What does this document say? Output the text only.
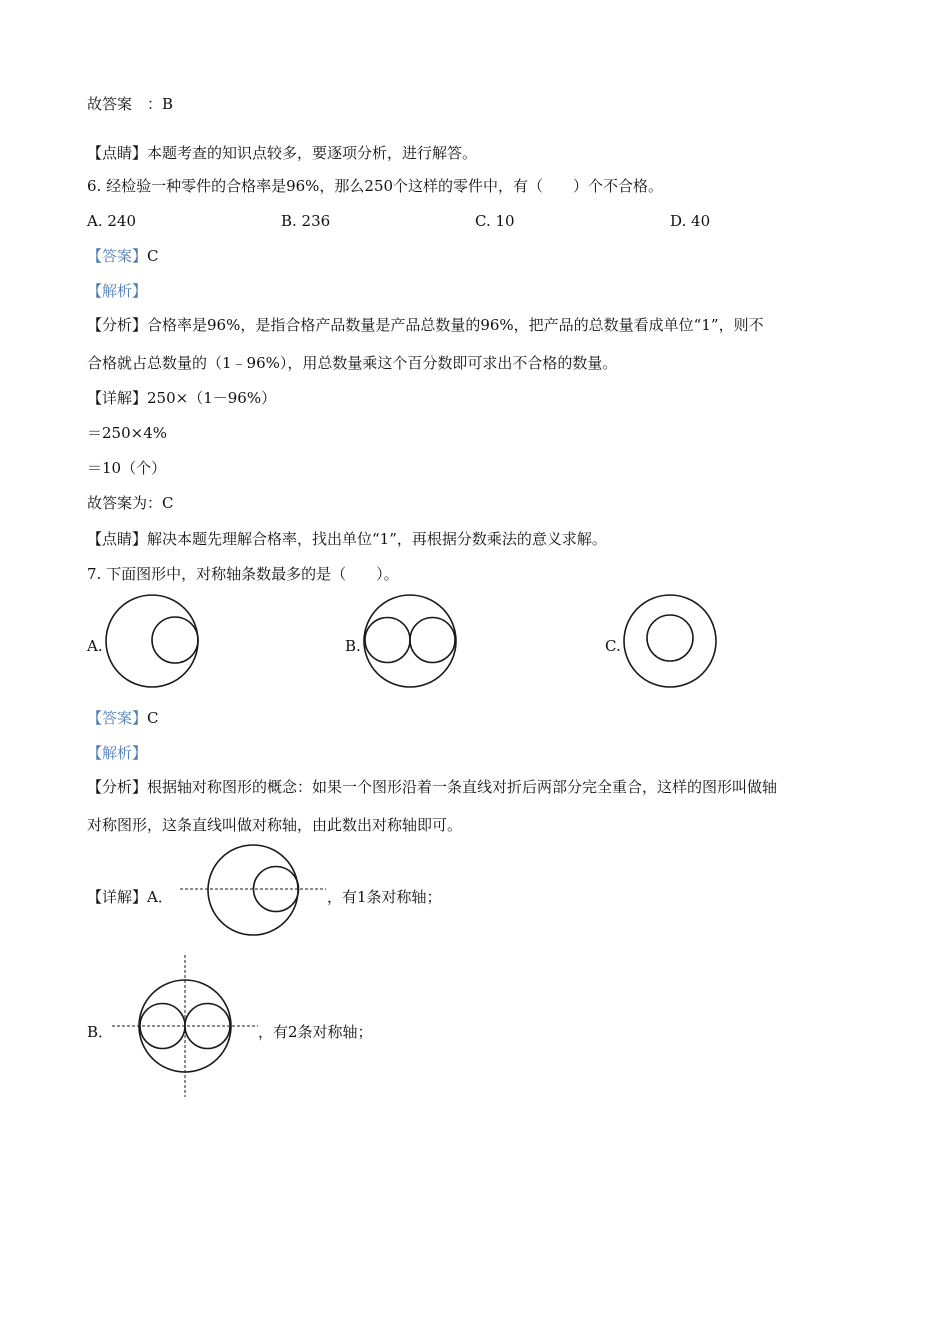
故答案　：B
【点睛】本题考查的知识点较多，要逐项分析，进行解答。
6. 经检验一种零件的合格率是96%，那么250个这样的零件中，有（　　）个不合格。
A. 240	B. 236	C. 10	D. 40
【答案】C
【解析】
【分析】合格率是96%，是指合格产品数量是产品总数量的96%，把产品的总数量看成单位“1”，则不
合格就占总数量的（1﹣96%），用总数量乘这个百分数即可求出不合格的数量。
【详解】250×（1－96%）
＝250×4%
＝10（个）
故答案为：C
【点睛】解决本题先理解合格率，找出单位“1”，再根据分数乘法的意义求解。
7. 下面图形中，对称轴条数最多的是（　　）。
A.	B.	C.
【答案】C
【解析】
【分析】根据轴对称图形的概念：如果一个图形沿着一条直线对折后两部分完全重合，这样的图形叫做轴
对称图形，这条直线叫做对称轴，由此数出对称轴即可。
【详解】A．	，有1条对称轴；
B．	，有2条对称轴；
